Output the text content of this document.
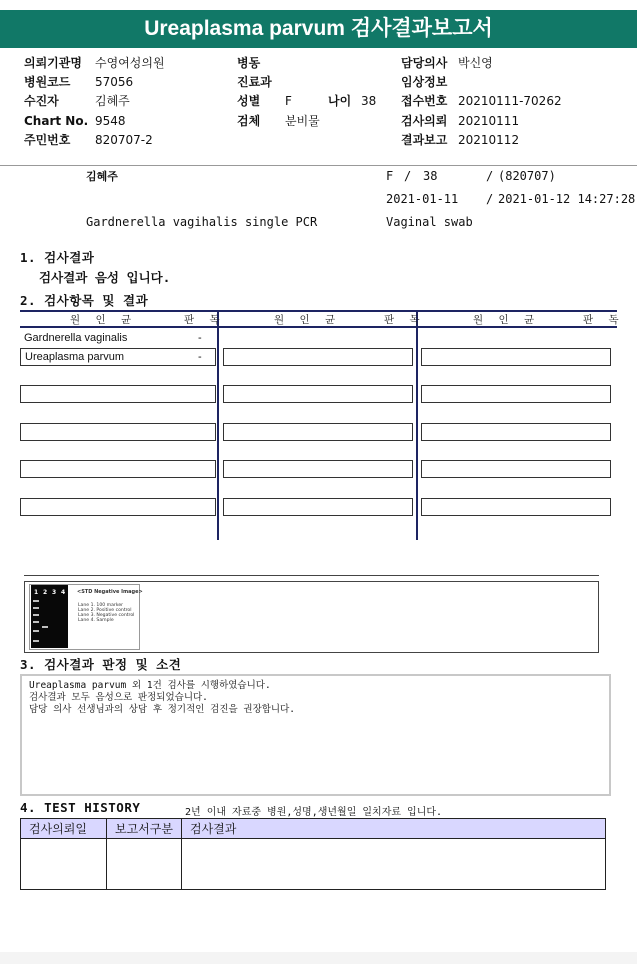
Ureaplasma parvum 검사결과보고서
의뢰기관명 수영여성의원
병원코드 57056
수진자	김혜주
Chart No. 9548
주민번호 820707-2
병동
진료과
성별 F	나이 38
검체 분비물
담당의사 박신영
임상정보
접수번호 20210111-70262
검사의뢰 20210111
결과보고 20210112
김혜주	F / 38	/ (820707)
2021-01-11 / 2021-01-12 14:27:28
Gardnerella vagihalis single PCR	Vaginal swab
1. 검사결과
검사결과 음성 입니다.
2. 검사항목 및 결과
원 인 균	판 독	원 인 균	판 독	원 인 균	판 독
Gardnerella vaginalis	-
Ureaplasma parvum	-
1 2 3 4 <STD Negative Image>
Lane 1. 100 marker
Lane 2. Positive control
Lane 3. Negative control
Lane 4. Sample
3. 검사결과 판정 및 소견
Ureaplasma parvum 외 1건 검사를 시행하였습니다.
검사결과 모두 음성으로 판정되었습니다.
담당 의사 선생님과의 상담 후 정기적인 검진을 권장합니다.
4. TEST HISTORY	2년 이내 자료중 병원,성명,생년월일 일치자료 입니다.
검사의뢰일	보고서구분	검사결과
